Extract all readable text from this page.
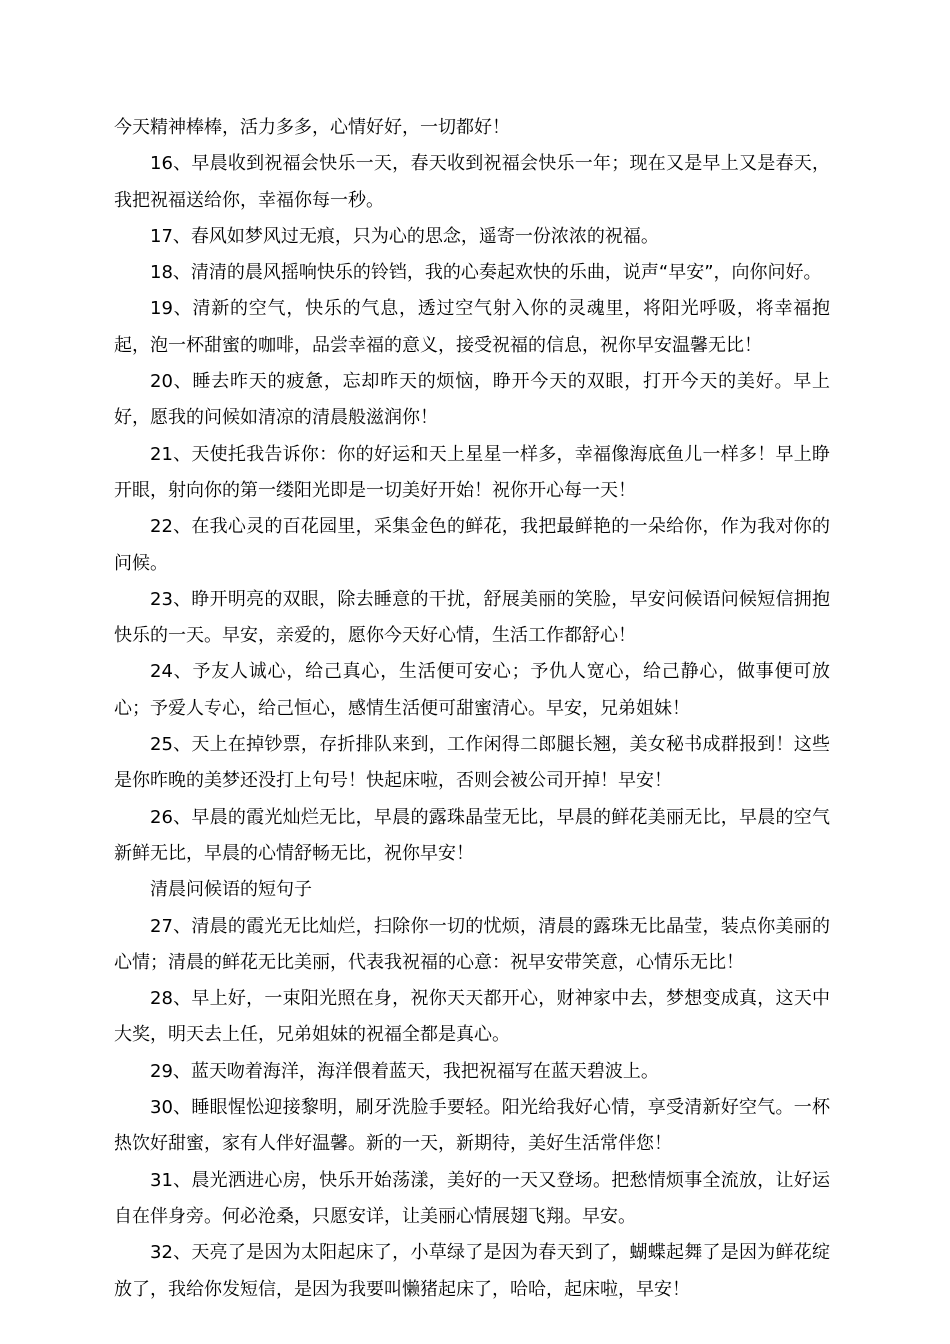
今天精神棒棒，活力多多，心情好好，一切都好！

16、早晨收到祝福会快乐一天，春天收到祝福会快乐一年；现在又是早上又是春天，我把祝福送给你，幸福你每一秒。

17、春风如梦风过无痕，只为心的思念，遥寄一份浓浓的祝福。

18、清清的晨风摇响快乐的铃铛，我的心奏起欢快的乐曲，说声“早安”，向你问好。

19、清新的空气，快乐的气息，透过空气射入你的灵魂里，将阳光呼吸，将幸福抱起，泡一杯甜蜜的咖啡，品尝幸福的意义，接受祝福的信息，祝你早安温馨无比！

20、睡去昨天的疲惫，忘却昨天的烦恼，睁开今天的双眼，打开今天的美好。早上好，愿我的问候如清凉的清晨般滋润你！

21、天使托我告诉你：你的好运和天上星星一样多，幸福像海底鱼儿一样多！早上睁开眼，射向你的第一缕阳光即是一切美好开始！祝你开心每一天！

22、在我心灵的百花园里，采集金色的鲜花，我把最鲜艳的一朵给你，作为我对你的问候。

23、睁开明亮的双眼，除去睡意的干扰，舒展美丽的笑脸，早安问候语问候短信拥抱快乐的一天。早安，亲爱的，愿你今天好心情，生活工作都舒心！

24、予友人诚心，给己真心，生活便可安心；予仇人宽心，给己静心，做事便可放心；予爱人专心，给己恒心，感情生活便可甜蜜清心。早安，兄弟姐妹！

25、天上在掉钞票，存折排队来到，工作闲得二郎腿长翘，美女秘书成群报到！这些是你昨晚的美梦还没打上句号！快起床啦，否则会被公司开掉！早安！

26、早晨的霞光灿烂无比，早晨的露珠晶莹无比，早晨的鲜花美丽无比，早晨的空气新鲜无比，早晨的心情舒畅无比，祝你早安！

清晨问候语的短句子

27、清晨的霞光无比灿烂，扫除你一切的忧烦，清晨的露珠无比晶莹，装点你美丽的心情；清晨的鲜花无比美丽，代表我祝福的心意：祝早安带笑意，心情乐无比！

28、早上好，一束阳光照在身，祝你天天都开心，财神家中去，梦想变成真，这天中大奖，明天去上任，兄弟姐妹的祝福全都是真心。

29、蓝天吻着海洋，海洋偎着蓝天，我把祝福写在蓝天碧波上。

30、睡眼惺忪迎接黎明，刷牙洗脸手要轻。阳光给我好心情，享受清新好空气。一杯热饮好甜蜜，家有人伴好温馨。新的一天，新期待，美好生活常伴您！

31、晨光洒进心房，快乐开始荡漾，美好的一天又登场。把愁情烦事全流放，让好运自在伴身旁。何必沧桑，只愿安详，让美丽心情展翅飞翔。早安。

32、天亮了是因为太阳起床了，小草绿了是因为春天到了，蝴蝶起舞了是因为鲜花绽放了，我给你发短信，是因为我要叫懒猪起床了，哈哈，起床啦，早安！
